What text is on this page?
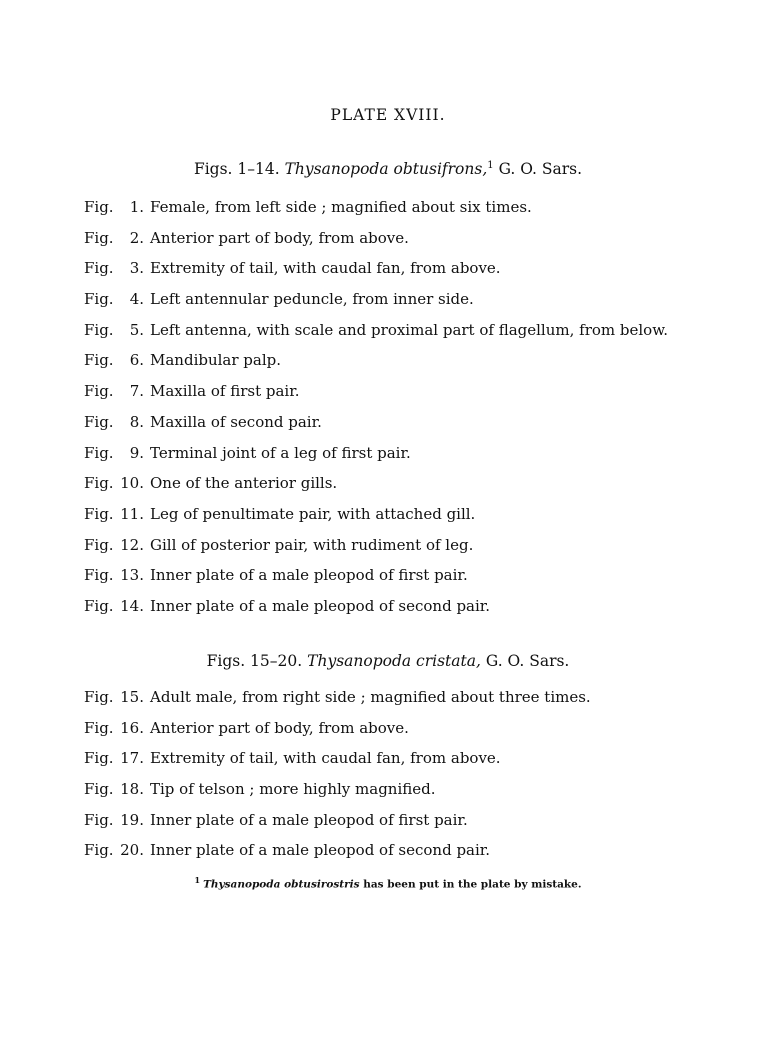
PLATE XVIII.
Figs. 1–14. Thysanopoda obtusifrons,$^1$ G. O. Sars.
Fig.	1. Female, from left side ; magnified about six times.
Fig.	2. Anterior part of body, from above.
Fig.	3. Extremity of tail, with caudal fan, from above.
Fig.	4. Left antennular peduncle, from inner side.
Fig.	5. Left antenna, with scale and proximal part of flagellum, from below.
Fig.	6. Mandibular palp.
Fig.	7. Maxilla of first pair.
Fig.	8. Maxilla of second pair.
Fig.	9. Terminal joint of a leg of first pair.
Fig. 10. One of the anterior gills.
Fig. 11. Leg of penultimate pair, with attached gill.
Fig. 12. Gill of posterior pair, with rudiment of leg.
Fig. 13. Inner plate of a male pleopod of first pair.
Fig. 14. Inner plate of a male pleopod of second pair.
Figs. 15–20. Thysanopoda cristata, G. O. Sars.
Fig. 15. Adult male, from right side ; magnified about three times.
Fig. 16. Anterior part of body, from above.
Fig. 17. Extremity of tail, with caudal fan, from above.
Fig. 18. Tip of telson ; more highly magnified.
Fig. 19. Inner plate of a male pleopod of first pair.
Fig. 20. Inner plate of a male pleopod of second pair.
$^1$ Thysanopoda obtusirostris has been put in the plate by mistake.
